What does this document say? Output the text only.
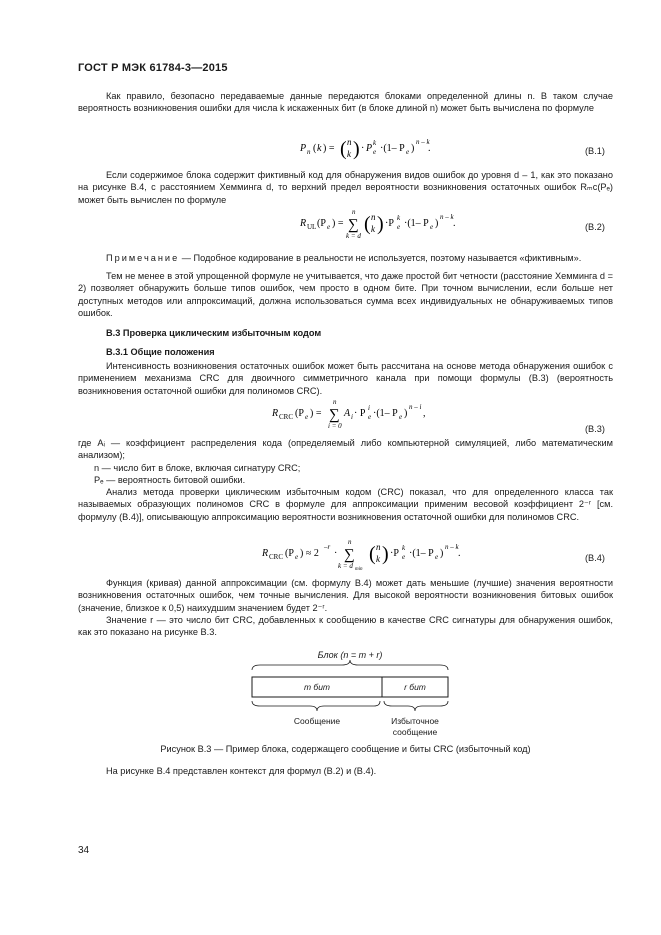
ГОСТ Р МЭК 61784-3—2015
Как правило, безопасно передаваемые данные передаются блоками определенной длины n. В таком случае вероятность возникновения ошибки для числа k искаженных бит (в блоке длиной n) может быть вычислена по формуле
P n ( k ) = ( n
k ) · P e
k ·(1– P e )
n – k
.	(В.1)
Если содержимое блока содержит фиктивный код для обнаружения видов ошибок до уровня d – 1, как это показано на рисунке В.4, с расстоянием Хемминга d, то верхний предел вероятности возникновения остаточных ошибок Rₘc(Pₑ) может быть вычислен по формуле
R UL (P e ) =
n
∑
k = d
( n
k ) ·P e
k ·(1– P e )
n – k
.	(В.2)
Примечание — Подобное кодирование в реальности не используется, поэтому называется «фиктивным».
Тем не менее в этой упрощенной формуле не учитывается, что даже простой бит четности (расстояние Хемминга d = 2) позволяет обнаружить больше типов ошибок, чем просто в одном бите. При точном вычислении, если больше нет доступных методов или аппроксимаций, должна использоваться сумма всех индивидуальных не обнаруживаемых типов ошибок.
В.3 Проверка циклическим избыточным кодом
В.3.1 Общие положения
Интенсивность возникновения остаточных ошибок может быть рассчитана на основе метода обнаружения ошибок с применением механизма CRC для двоичного симметричного канала при помощи формулы (В.3) (вероятность возникновения остаточной ошибки для полиномов CRC).
R CRC (P e ) =
n
∑
i = 0
A i · P e
i ·(1– P e )
n – i
,
(В.3)
где Aᵢ — коэффициент распределения кода (определяемый либо компьютерной симуляцией, либо математическим анализом);
n — число бит в блоке, включая сигнатуру CRC;
Pₑ — вероятность битовой ошибки.
Анализ метода проверки циклическим избыточным кодом (CRC) показал, что для определенного класса так называемых образующих полиномов CRC в формуле для аппроксимации применим весовой коэффициент 2⁻ʳ [см. формулу (В.4)], описывающую аппроксимацию вероятности возникновения остаточной ошибки для полиномов CRC.
R CRC (P e ) ≈ 2
–r
·
n
∑
k = d min
( n
k ) ·P e
k ·(1– P e )
n – k
.	(В.4)
Функция (кривая) данной аппроксимации (см. формулу В.4) может дать меньшие (лучшие) значения вероятности возникновения остаточных ошибок, чем точные вычисления. Для высокой вероятности возникновения битовых ошибок (значение, близкое к 0,5) наихудшим значением будет 2⁻ʳ.
Значение r — это число бит CRC, добавленных к сообщению в качестве CRC сигнатуры для обнаружения ошибок, как это показано на рисунке В.3.
Блок (n = m + r)
m бит	r бит
Сообщение	Избыточное
сообщение
Рисунок В.3 — Пример блока, содержащего сообщение и биты CRC (избыточный код)
На рисунке В.4 представлен контекст для формул (В.2) и (В.4).
34
